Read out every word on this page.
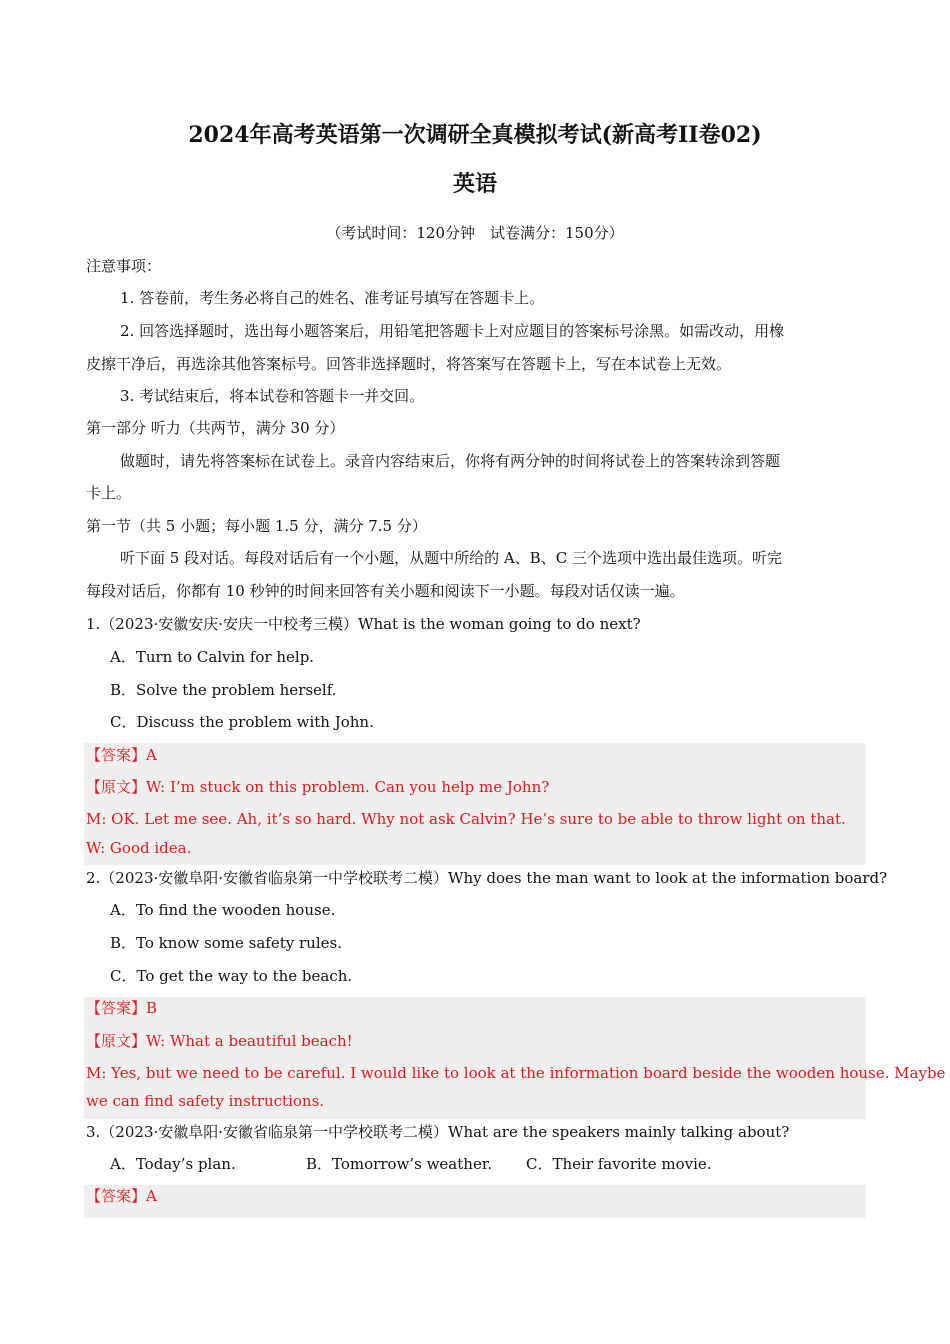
2024年高考英语第一次调研全真模拟考试(新高考II卷02)
英语
（考试时间：120分钟　试卷满分：150分）
注意事项：
1. 答卷前，考生务必将自己的姓名、准考证号填写在答题卡上。
2. 回答选择题时，选出每小题答案后，用铅笔把答题卡上对应题目的答案标号涂黑。如需改动，用橡
皮擦干净后，再选涂其他答案标号。回答非选择题时，将答案写在答题卡上，写在本试卷上无效。
3. 考试结束后，将本试卷和答题卡一并交回。
第一部分 听力（共两节，满分 30 分）
做题时，请先将答案标在试卷上。录音内容结束后，你将有两分钟的时间将试卷上的答案转涂到答题
卡上。
第一节（共 5 小题；每小题 1.5 分，满分 7.5 分）
听下面 5 段对话。每段对话后有一个小题，从题中所给的 A、B、C 三个选项中选出最佳选项。听完
每段对话后，你都有 10 秒钟的时间来回答有关小题和阅读下一小题。每段对话仅读一遍。
1.（2023·安徽安庆·安庆一中校考三模）What is the woman going to do next?
A．Turn to Calvin for help.
B．Solve the problem herself.
C．Discuss the problem with John.
【答案】A
【原文】W: I’m stuck on this problem. Can you help me John?
M: OK. Let me see. Ah, it’s so hard. Why not ask Calvin? He’s sure to be able to throw light on that.
W: Good idea.
2.（2023·安徽阜阳·安徽省临泉第一中学校联考二模）Why does the man want to look at the information board?
A．To find the wooden house.
B．To know some safety rules.
C．To get the way to the beach.
【答案】B
【原文】W: What a beautiful beach!
M: Yes, but we need to be careful. I would like to look at the information board beside the wooden house. Maybe
we can find safety instructions.
3.（2023·安徽阜阳·安徽省临泉第一中学校联考二模）What are the speakers mainly talking about?
A．Today’s plan.	B．Tomorrow’s weather. C．Their favorite movie.
【答案】A
